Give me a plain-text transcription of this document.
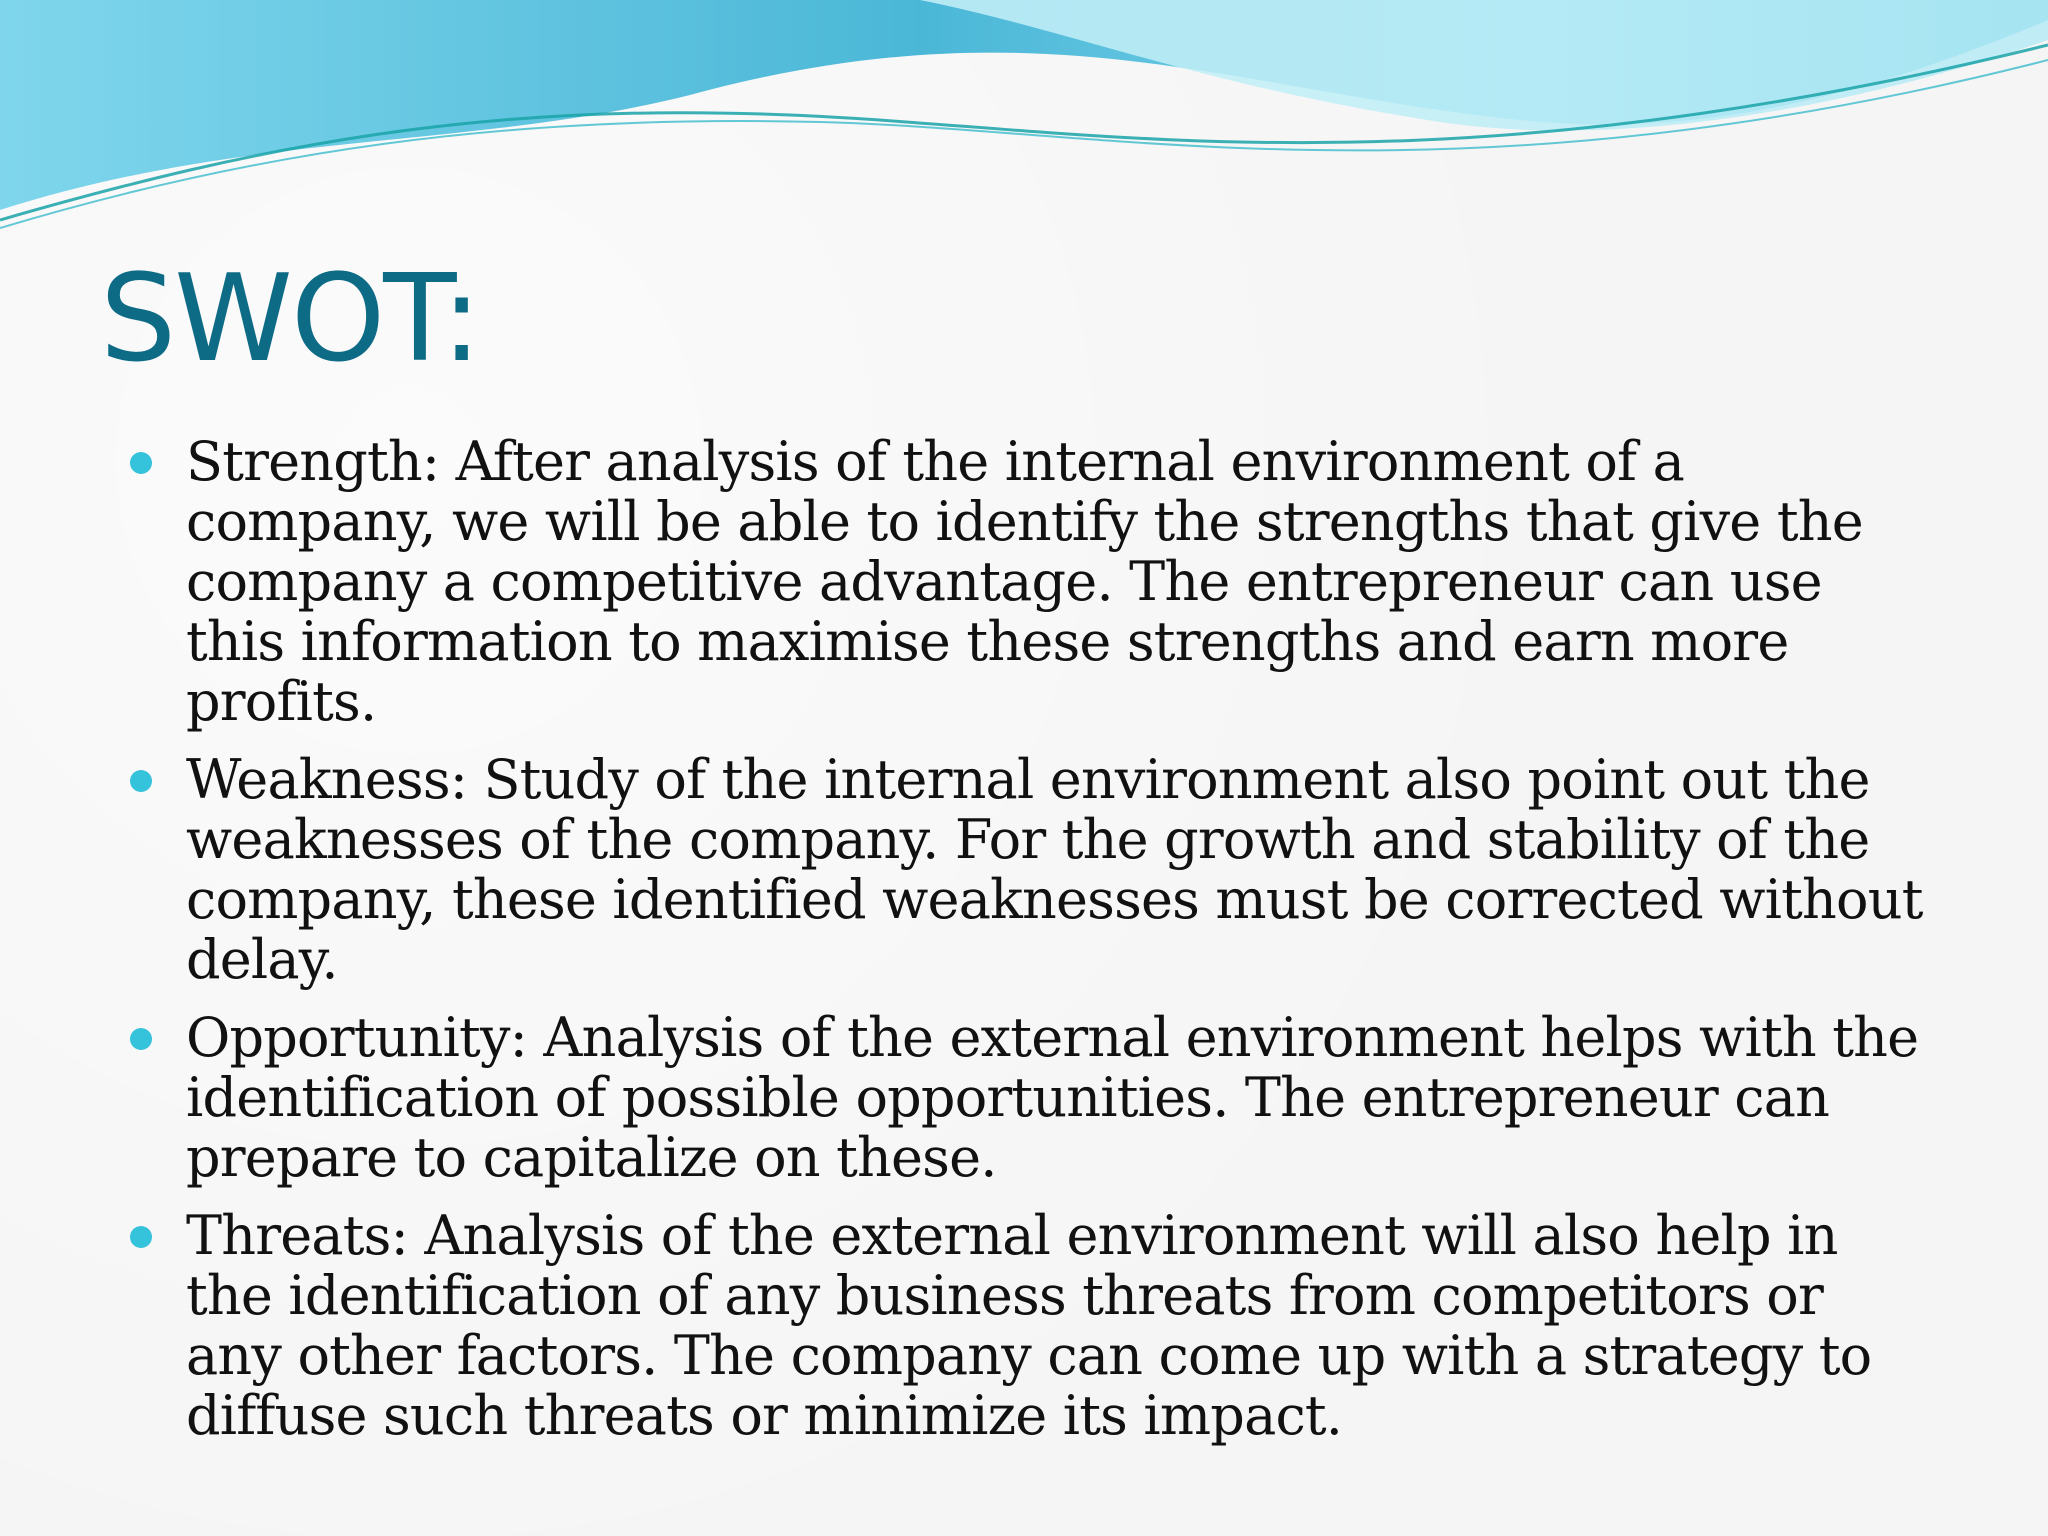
SWOT:
Strength: After analysis of the internal environment of a company, we will be able to identify the strengths that give the company a competitive advantage. The entrepreneur can use this information to maximise these strengths and earn more profits.
Weakness: Study of the internal environment also point out the weaknesses of the company. For the growth and stability of the company, these identified weaknesses must be corrected without delay.
Opportunity: Analysis of the external environment helps with the identification of possible opportunities. The entrepreneur can prepare to capitalize on these.
Threats: Analysis of the external environment will also help in the identification of any business threats from competitors or any other factors. The company can come up with a strategy to diffuse such threats or minimize its impact.
